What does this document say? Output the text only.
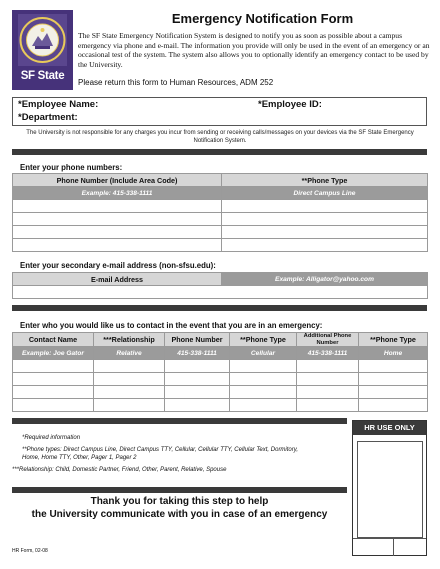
SF State
Emergency Notification Form
The SF State Emergency Notification System is designed to notify you as soon as possible about a campus emergency via phone and e-mail. The information you provide will only be used in the event of an emergency or an occasional test of the system. The system also allows you to optionally identify an emergency contact to be used by the University.
Please return this form to Human Resources, ADM 252
*Employee Name:	*Employee ID:
*Department:
The University is not responsible for any charges you incur from sending or receiving calls/messages on your devices via the SF State Emergency Notification System.
Enter your phone numbers:
Phone Number (Include Area Code)	**Phone Type
Example: 415-338-1111	Direct Campus Line

Enter your secondary e-mail address (non-sfsu.edu):
E-mail Address	Example: Alligator@yahoo.com

Enter who you would like us to contact in the event that you are in an emergency:
Contact Name	***Relationship	Phone Number	**Phone Type	Additional Phone Number	**Phone Type
Example: Joe Gator	Relative	415-338-1111	Cellular	415-338-1111	Home

HR USE ONLY
*Required information
**Phone types: Direct Campus Line, Direct Campus TTY, Cellular, Cellular TTY, Cellular Text, Dormitory, Home, Home TTY, Other, Pager 1, Pager 2
***Relationship: Child, Domestic Partner, Friend, Other, Parent, Relative, Spouse
Thank you for taking this step to help
the University communicate with you in case of an emergency
HR Form, 02-08
